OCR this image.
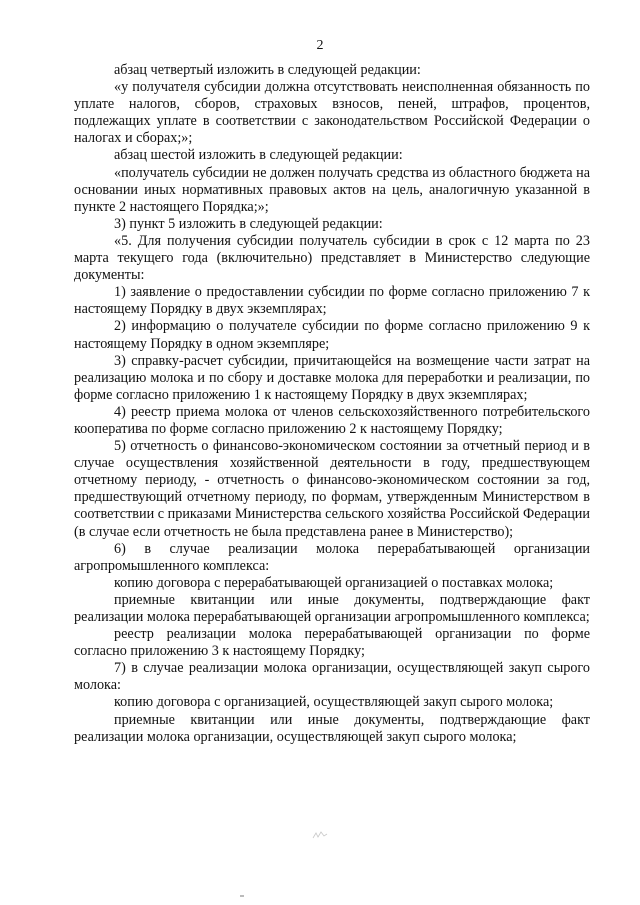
2

абзац четвертый изложить в следующей редакции:

«у получателя субсидии должна отсутствовать неисполненная обязанность по уплате налогов, сборов, страховых взносов, пеней, штрафов, процентов, подлежащих уплате в соответствии с законодательством Российской Федерации о налогах и сборах;»;

абзац шестой изложить в следующей редакции:

«получатель субсидии не должен получать средства из областного бюджета на основании иных нормативных правовых актов на цель, аналогичную указанной в пункте 2 настоящего Порядка;»;

3) пункт 5 изложить в следующей редакции:

«5. Для получения субсидии получатель субсидии в срок с 12 марта по 23 марта текущего года (включительно) представляет в Министерство следующие документы:

1) заявление о предоставлении субсидии по форме согласно приложению 7 к настоящему Порядку в двух экземплярах;

2) информацию о получателе субсидии по форме согласно приложению 9 к настоящему Порядку в одном экземпляре;

3) справку-расчет субсидии, причитающейся на возмещение части затрат на реализацию молока и по сбору и доставке молока для переработки и реализации, по форме согласно приложению 1 к настоящему Порядку в двух экземплярах;

4) реестр приема молока от членов сельскохозяйственного потребительского кооператива по форме согласно приложению 2 к настоящему Порядку;

5) отчетность о финансово-экономическом состоянии за отчетный период и в случае осуществления хозяйственной деятельности в году, предшествующем отчетному периоду, - отчетность о финансово-экономическом состоянии за год, предшествующий отчетному периоду, по формам, утвержденным Министерством в соответствии с приказами Министерства сельского хозяйства Российской Федерации (в случае если отчетность не была представлена ранее в Министерство);

6) в случае реализации молока перерабатывающей организации агропромышленного комплекса:

копию договора с перерабатывающей организацией о поставках молока;

приемные квитанции или иные документы, подтверждающие факт реализации молока перерабатывающей организации агропромышленного комплекса;

реестр реализации молока перерабатывающей организации по форме согласно приложению 3 к настоящему Порядку;

7) в случае реализации молока организации, осуществляющей закуп сырого молока:

копию договора с организацией, осуществляющей закуп сырого молока;

приемные квитанции или иные документы, подтверждающие факт реализации молока организации, осуществляющей закуп сырого молока;
